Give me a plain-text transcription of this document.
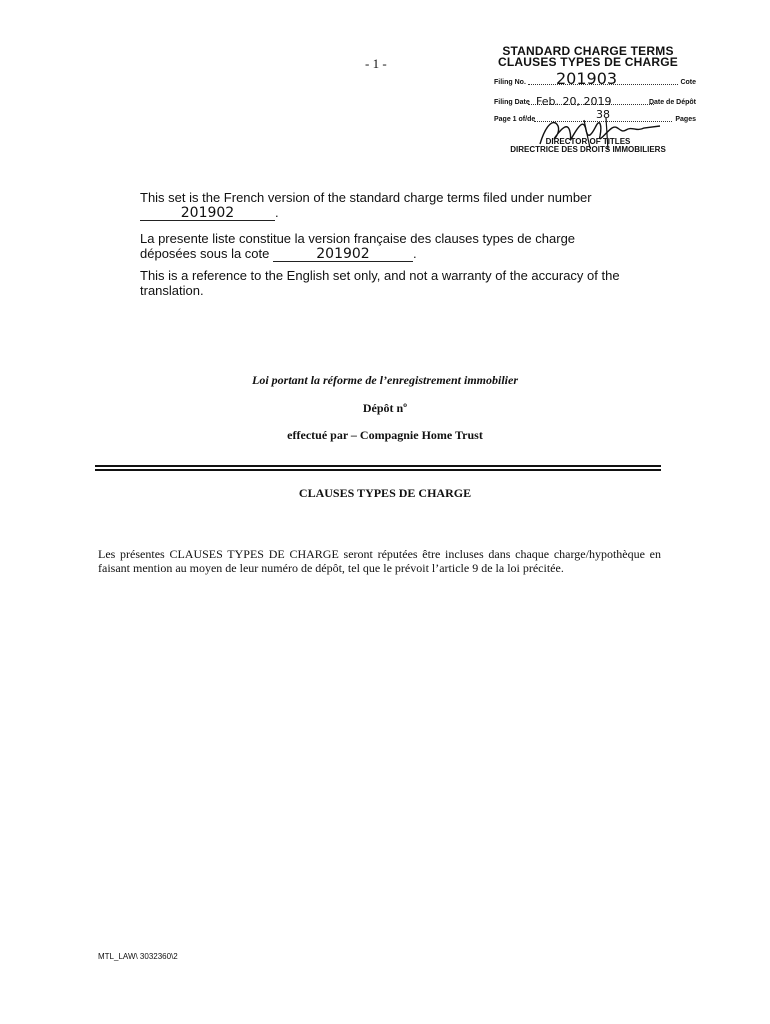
- 1 -
STANDARD CHARGE TERMS
CLAUSES TYPES DE CHARGE
Filing No. 201903	Cote
Filing Date Feb. 20, 2019	Date de Dépôt
Page 1 of/de	38	Pages
DIRECTOR OF TITLES
DIRECTRICE DES DROITS IMMOBILIERS
This set is the French version of the standard charge terms filed under number
201902	.
La presente liste constitue la version française des clauses types de charge
déposées sous la cote	201902	.
This is a reference to the English set only, and not a warranty of the accuracy of the translation.
Loi portant la réforme de l’enregistrement immobilier
Dépôt nº
effectué par – Compagnie Home Trust
CLAUSES TYPES DE CHARGE
Les présentes CLAUSES TYPES DE CHARGE seront réputées être incluses dans chaque charge/hypothèque en faisant mention au moyen de leur numéro de dépôt, tel que le prévoit l’article 9 de la loi précitée.
MTL_LAW\ 3032360\2
